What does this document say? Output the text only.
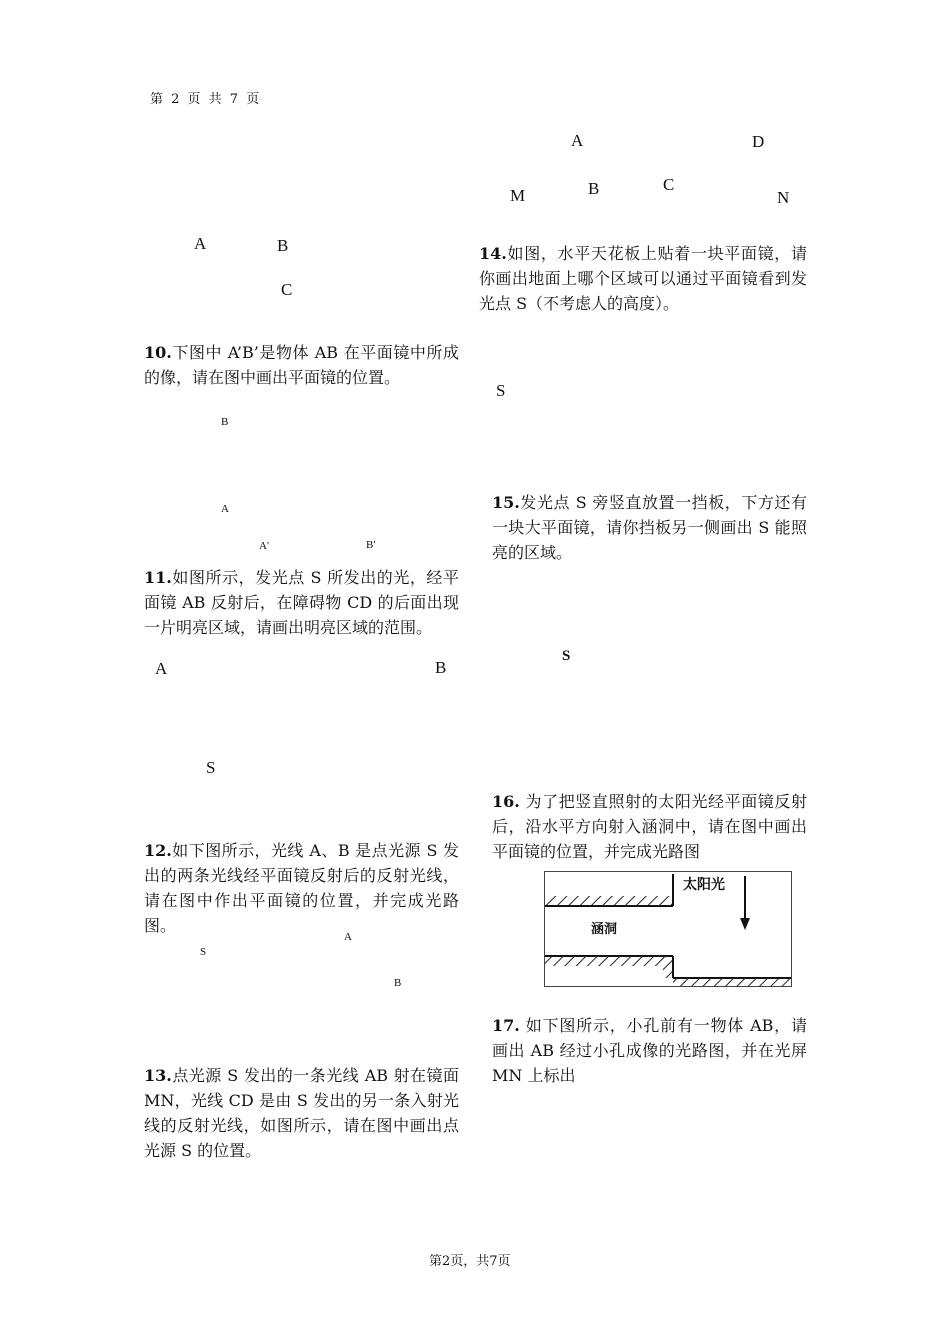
第 2 页 共 7 页
第2页，共7页
A	B
C
10.下图中 A’B’是物体 AB 在平面镜中所成的像，请在图中画出平面镜的位置。
B
A
A'	B'
11.如图所示，发光点 S 所发出的光，经平面镜 AB 反射后，在障碍物 CD 的后面出现一片明亮区域，请画出明亮区域的范围。
A	B
S
12.如下图所示，光线 A、B 是点光源 S 发出的两条光线经平面镜反射后的反射光线，请在图中作出平面镜的位置，并完成光路图。
A
S
B
13.点光源 S 发出的一条光线 AB 射在镜面MN，光线 CD 是由 S 发出的另一条入射光线的反射光线，如图所示，请在图中画出点光源 S 的位置。
A	D
M	B	C
N
14.如图，水平天花板上贴着一块平面镜，请你画出地面上哪个区域可以通过平面镜看到发光点 S（不考虑人的高度）。
S
15.发光点 S 旁竖直放置一挡板，下方还有一块大平面镜，请你挡板另一侧画出 S 能照亮的区域。
S
16. 为了把竖直照射的太阳光经平面镜反射后，沿水平方向射入涵洞中，请在图中画出平面镜的位置，并完成光路图
太阳光
涵洞
17. 如下图所示，小孔前有一物体 AB，请画出 AB 经过小孔成像的光路图，并在光屏MN 上标出
